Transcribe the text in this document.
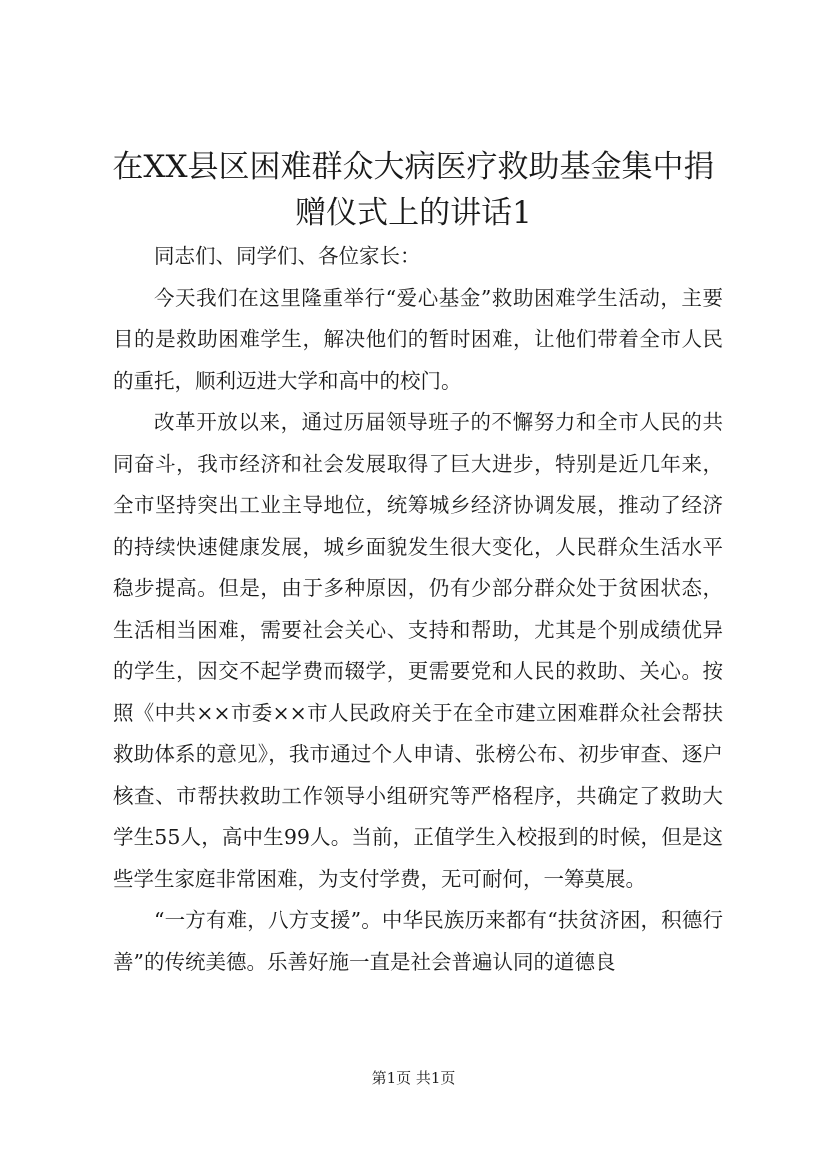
在XX县区困难群众大病医疗救助基金集中捐
赠仪式上的讲话1

同志们、同学们、各位家长：

今天我们在这里隆重举行“爱心基金”救助困难学生活动，主要目的是救助困难学生，解决他们的暂时困难，让他们带着全市人民的重托，顺利迈进大学和高中的校门。

改革开放以来，通过历届领导班子的不懈努力和全市人民的共同奋斗，我市经济和社会发展取得了巨大进步，特别是近几年来，全市坚持突出工业主导地位，统筹城乡经济协调发展，推动了经济的持续快速健康发展，城乡面貌发生很大变化，人民群众生活水平稳步提高。但是，由于多种原因，仍有少部分群众处于贫困状态，生活相当困难，需要社会关心、支持和帮助，尤其是个别成绩优异的学生，因交不起学费而辍学，更需要党和人民的救助、关心。按照《中共××市委××市人民政府关于在全市建立困难群众社会帮扶救助体系的意见》，我市通过个人申请、张榜公布、初步审查、逐户核查、市帮扶救助工作领导小组研究等严格程序，共确定了救助大学生55人，高中生99人。当前，正值学生入校报到的时候，但是这些学生家庭非常困难，为支付学费，无可耐何，一筹莫展。

“一方有难，八方支援”。中华民族历来都有“扶贫济困，积德行善”的传统美德。乐善好施一直是社会普遍认同的道德良

第1页 共1页
